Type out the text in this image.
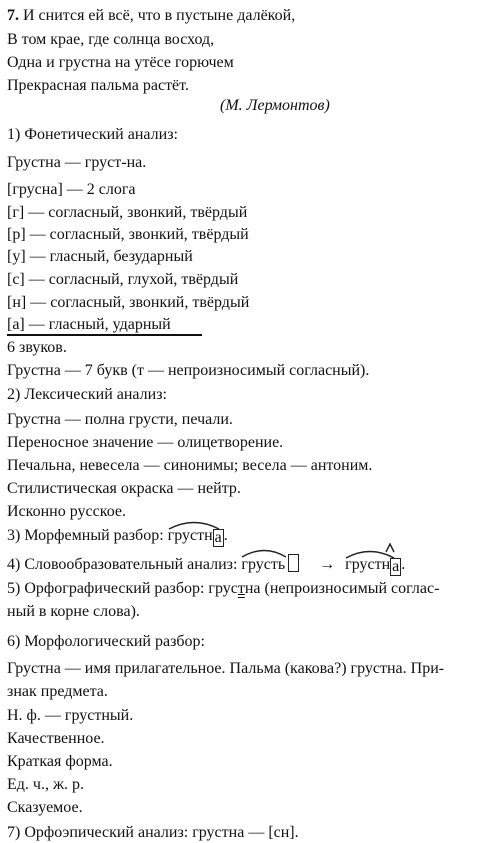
7. И снится ей всё, что в пустыне далёкой,
В том крае, где солнца восход,
Одна и грустна на утёсе горючем
Прекрасная пальма растёт.
(М. Лермонтов)
1) Фонетический анализ:
Грустна — груст-на.
[грусна] — 2 слога
[г] — согласный, звонкий, твёрдый
[р] — согласный, звонкий, твёрдый
[у] — гласный, безударный
[с] — согласный, глухой, твёрдый
[н] — согласный, звонкий, твёрдый
[а] — гласный, ударный
6 звуков.
Грустна — 7 букв (т — непроизносимый согласный).
2) Лексический анализ:
Грустна — полна грусти, печали.
Переносное значение — олицетворение.
Печальна, невесела — синонимы; весела — антоним.
Стилистическая окраска — нейтр.
Исконно русское.
3) Морфемный разбор: грустн а .
4) Словообразовательный анализ: грусть → грустн а .
5) Орфографический разбор: грустна (непроизносимый соглас-
ный в корне слова).
6) Морфологический разбор:
Грустна — имя прилагательное. Пальма (какова?) грустна. При-
знак предмета.
Н. ф. — грустный.
Качественное.
Краткая форма.
Ед. ч., ж. р.
Сказуемое.
7) Орфоэпический анализ: грустна — [сн].
